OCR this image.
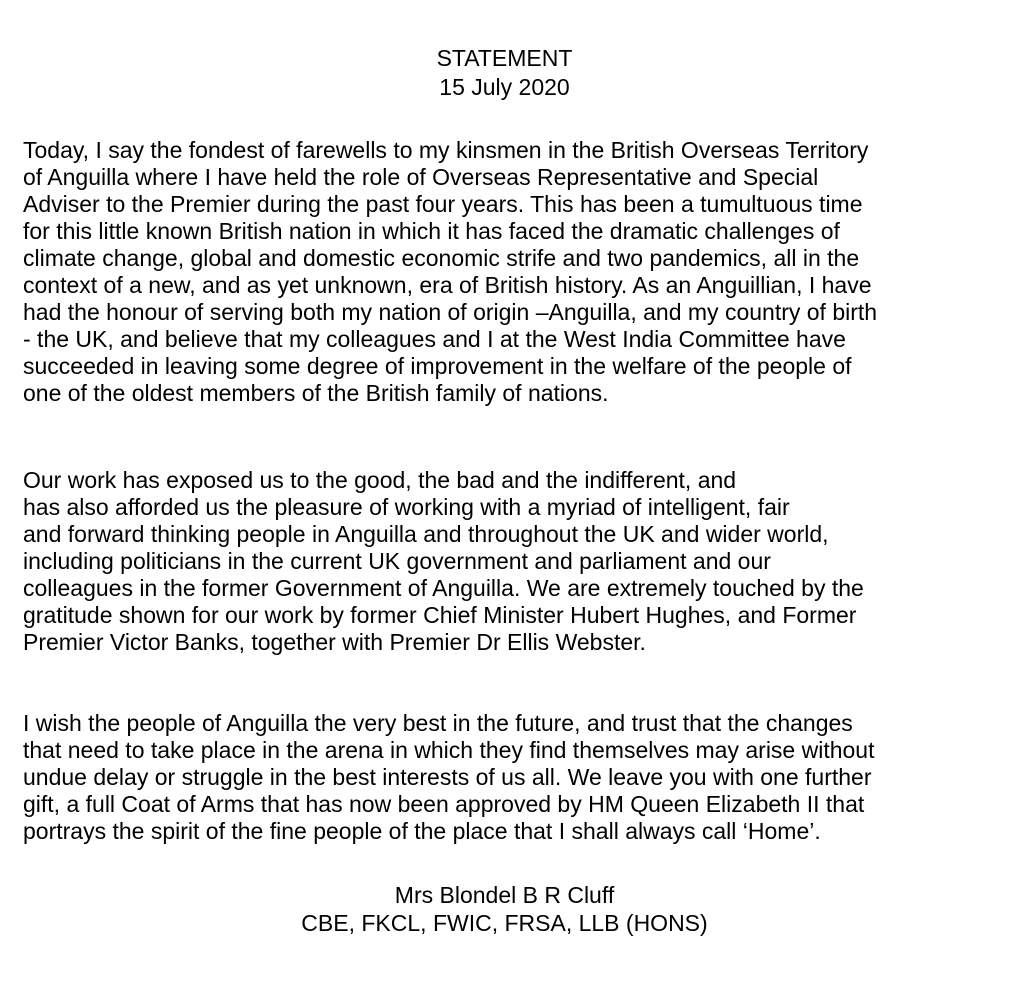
STATEMENT
15 July 2020
Today, I say the fondest of farewells to my kinsmen in the British Overseas Territory
of Anguilla where I have held the role of Overseas Representative and Special
Adviser to the Premier during the past four years. This has been a tumultuous time
for this little known British nation in which it has faced the dramatic challenges of
climate change, global and domestic economic strife and two pandemics, all in the
context of a new, and as yet unknown, era of British history. As an Anguillian, I have
had the honour of serving both my nation of origin –Anguilla, and my country of birth
- the UK, and believe that my colleagues and I at the West India Committee have
succeeded in leaving some degree of improvement in the welfare of the people of
one of the oldest members of the British family of nations.
Our work has exposed us to the good, the bad and the indifferent, and
has also afforded us the pleasure of working with a myriad of intelligent, fair
and forward thinking people in Anguilla and throughout the UK and wider world,
including politicians in the current UK government and parliament and our
colleagues in the former Government of Anguilla. We are extremely touched by the
gratitude shown for our work by former Chief Minister Hubert Hughes, and Former
Premier Victor Banks, together with Premier Dr Ellis Webster.
I wish the people of Anguilla the very best in the future, and trust that the changes
that need to take place in the arena in which they find themselves may arise without
undue delay or struggle in the best interests of us all. We leave you with one further
gift, a full Coat of Arms that has now been approved by HM Queen Elizabeth II that
portrays the spirit of the fine people of the place that I shall always call ‘Home’.
Mrs Blondel B R Cluff
CBE, FKCL, FWIC, FRSA, LLB (HONS)
